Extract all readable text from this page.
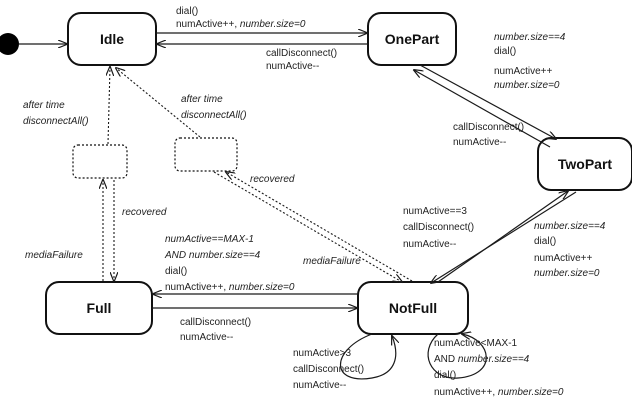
Idle	OnePart
TwoPart
Full	NotFull
dial()
numActive++, number.size=0
callDisconnect()
numActive--
number.size==4
dial()
numActive++
number.size=0
callDisconnect()
numActive--
number.size==4
dial()
numActive++
number.size=0
numActive==3
callDisconnect()
numActive--
numActive==MAX-1
AND number.size==4
dial()
numActive++, number.size=0
callDisconnect()
numActive--
numActive>3
callDisconnect()
numActive--
numActive<MAX-1
AND number.size==4
dial()
numActive++, number.size=0
after time
disconnectAll()
after time
disconnectAll()
recovered
recovered
mediaFailure
mediaFailure
